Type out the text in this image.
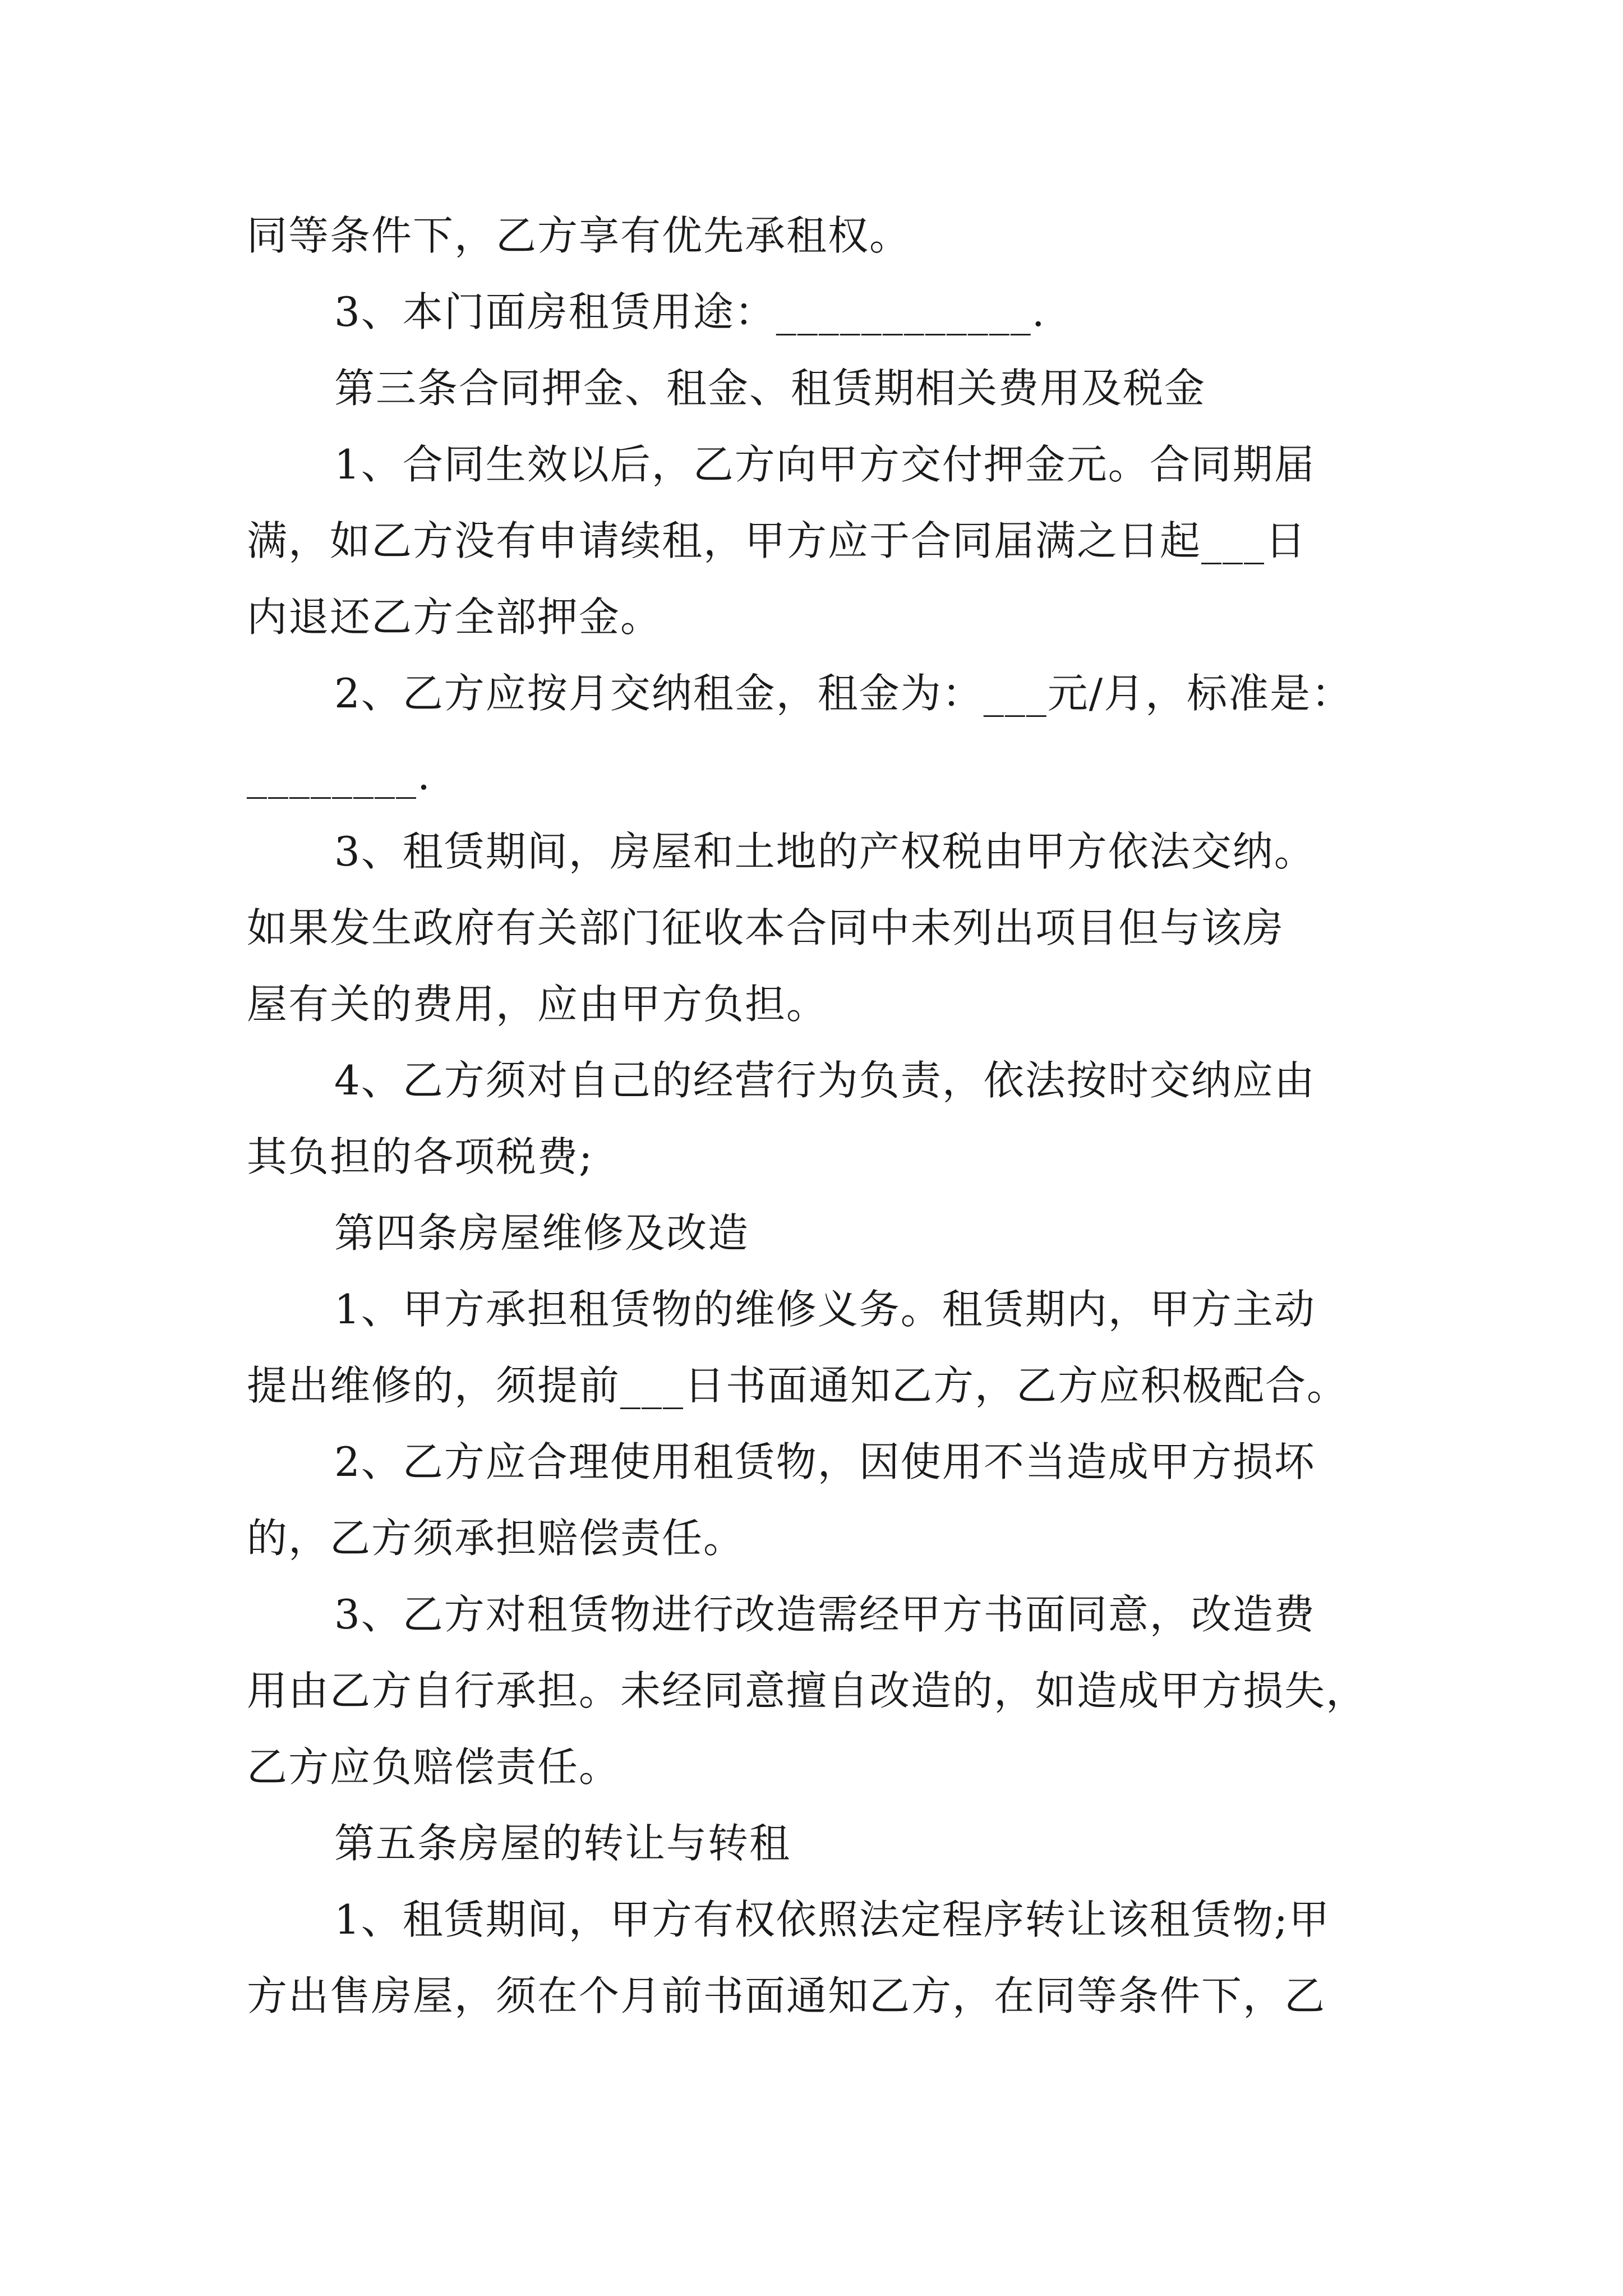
同等条件下，乙方享有优先承租权。
3、本门面房租赁用途：____________.
第三条合同押金、租金、租赁期相关费用及税金
1、合同生效以后，乙方向甲方交付押金元。合同期届
满，如乙方没有申请续租，甲方应于合同届满之日起___日
内退还乙方全部押金。
2、乙方应按月交纳租金，租金为：___元/月，标准是：
________.
3、租赁期间，房屋和土地的产权税由甲方依法交纳。
如果发生政府有关部门征收本合同中未列出项目但与该房
屋有关的费用，应由甲方负担。
4、乙方须对自己的经营行为负责，依法按时交纳应由
其负担的各项税费;
第四条房屋维修及改造
1、甲方承担租赁物的维修义务。租赁期内，甲方主动
提出维修的，须提前___日书面通知乙方，乙方应积极配合。
2、乙方应合理使用租赁物，因使用不当造成甲方损坏
的，乙方须承担赔偿责任。
3、乙方对租赁物进行改造需经甲方书面同意，改造费
用由乙方自行承担。未经同意擅自改造的，如造成甲方损失，
乙方应负赔偿责任。
第五条房屋的转让与转租
1、租赁期间，甲方有权依照法定程序转让该租赁物;甲
方出售房屋，须在个月前书面通知乙方，在同等条件下，乙
